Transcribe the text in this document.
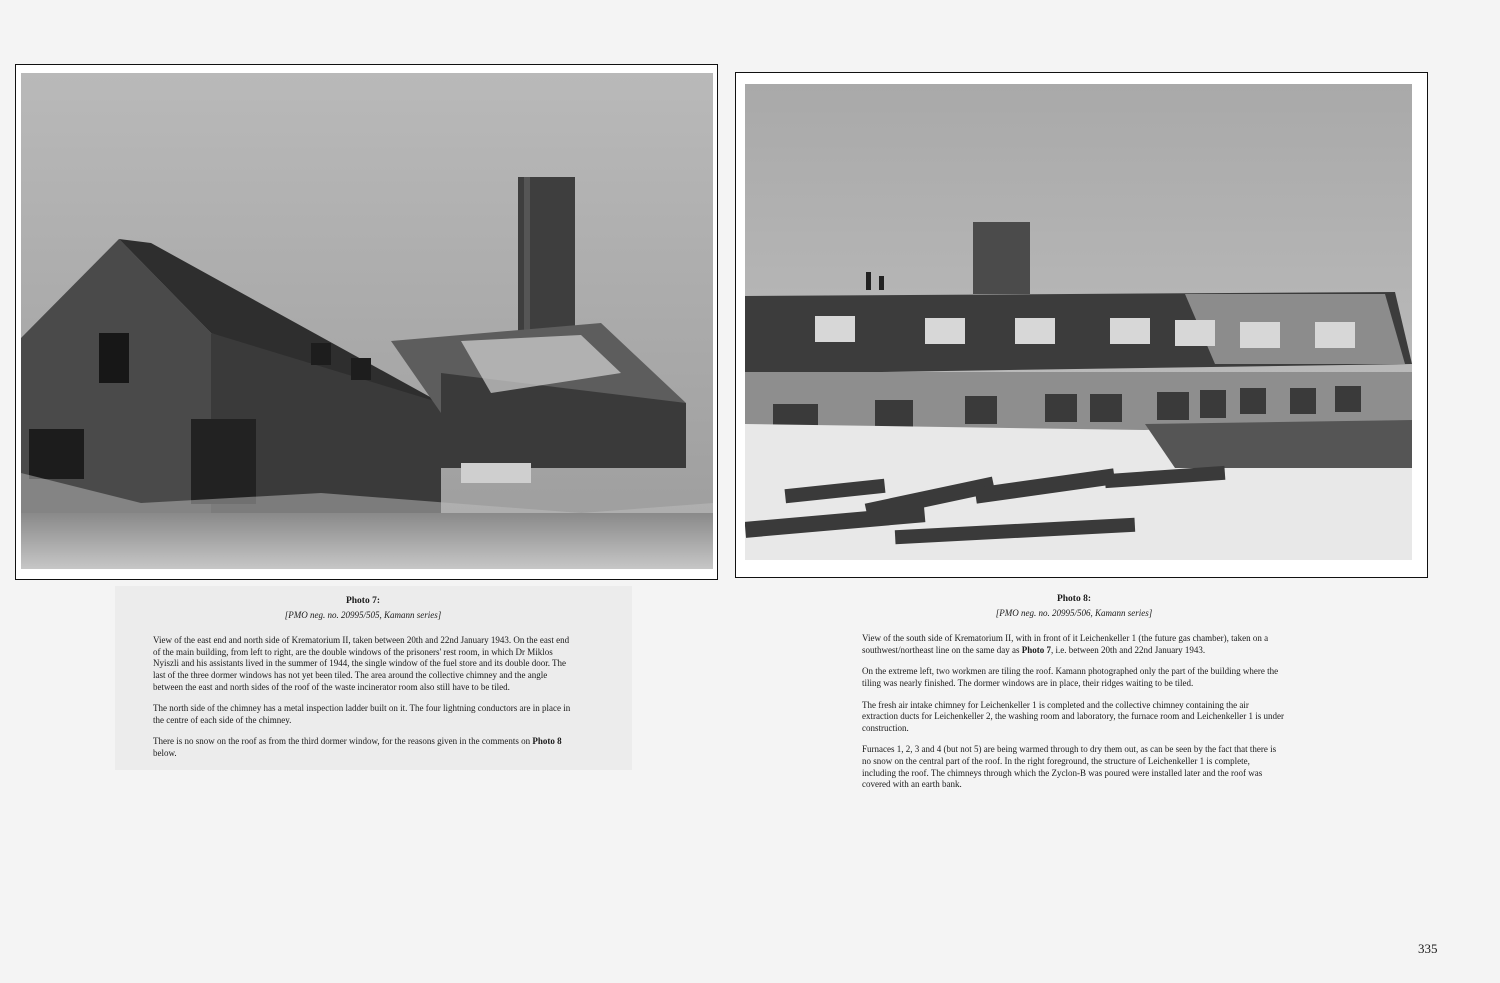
Photo 7:
[PMO neg. no. 20995/505, Kamann series]

View of the east end and north side of Krematorium II, taken between 20th and 22nd January 1943. On the east end of the main building, from left to right, are the double windows of the prisoners' rest room, in which Dr Miklos Nyiszli and his assistants lived in the summer of 1944, the single window of the fuel store and its double door. The last of the three dormer windows has not yet been tiled. The area around the collective chimney and the angle between the east and north sides of the roof of the waste incinerator room also still have to be tiled.

The north side of the chimney has a metal inspection ladder built on it. The four lightning conductors are in place in the centre of each side of the chimney.

There is no snow on the roof as from the third dormer window, for the reasons given in the comments on Photo 8 below.

Photo 8:
[PMO neg. no. 20995/506, Kamann series]

View of the south side of Krematorium II, with in front of it Leichenkeller 1 (the future gas chamber), taken on a southwest/northeast line on the same day as Photo 7, i.e. between 20th and 22nd January 1943.

On the extreme left, two workmen are tiling the roof. Kamann photographed only the part of the building where the tiling was nearly finished. The dormer windows are in place, their ridges waiting to be tiled.

The fresh air intake chimney for Leichenkeller 1 is completed and the collective chimney containing the air extraction ducts for Leichenkeller 2, the washing room and laboratory, the furnace room and Leichenkeller 1 is under construction.

Furnaces 1, 2, 3 and 4 (but not 5) are being warmed through to dry them out, as can be seen by the fact that there is no snow on the central part of the roof. In the right foreground, the structure of Leichenkeller 1 is complete, including the roof. The chimneys through which the Zyclon-B was poured were installed later and the roof was covered with an earth bank.

335
